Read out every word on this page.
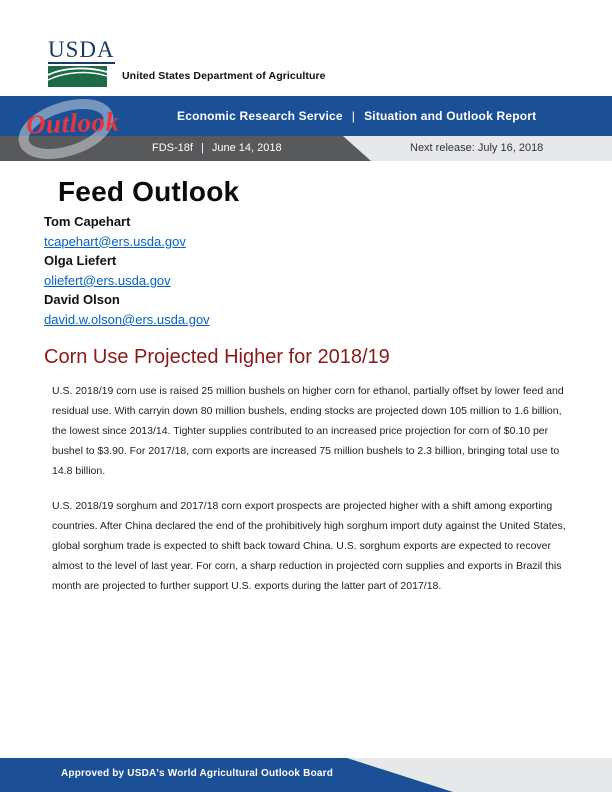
USDA
United States Department of Agriculture
Economic Research Service | Situation and Outlook Report
FDS-18f | June 14, 2018	Next release: July 16, 2018
Outlook
Feed Outlook
Tom Capehart
tcapehart@ers.usda.gov
Olga Liefert
oliefert@ers.usda.gov
David Olson
david.w.olson@ers.usda.gov
Corn Use Projected Higher for 2018/19

U.S. 2018/19 corn use is raised 25 million bushels on higher corn for ethanol, partially offset by lower feed and residual use. With carryin down 80 million bushels, ending stocks are projected down 105 million to 1.6 billion, the lowest since 2013/14. Tighter supplies contributed to an increased price projection for corn of $0.10 per bushel to $3.90. For 2017/18, corn exports are increased 75 million bushels to 2.3 billion, bringing total use to 14.8 billion.

U.S. 2018/19 sorghum and 2017/18 corn export prospects are projected higher with a shift among exporting countries. After China declared the end of the prohibitively high sorghum import duty against the United States, global sorghum trade is expected to shift back toward China. U.S. sorghum exports are expected to recover almost to the level of last year. For corn, a sharp reduction in projected corn supplies and exports in Brazil this month are projected to further support U.S. exports during the latter part of 2017/18.

Approved by USDA's World Agricultural Outlook Board
